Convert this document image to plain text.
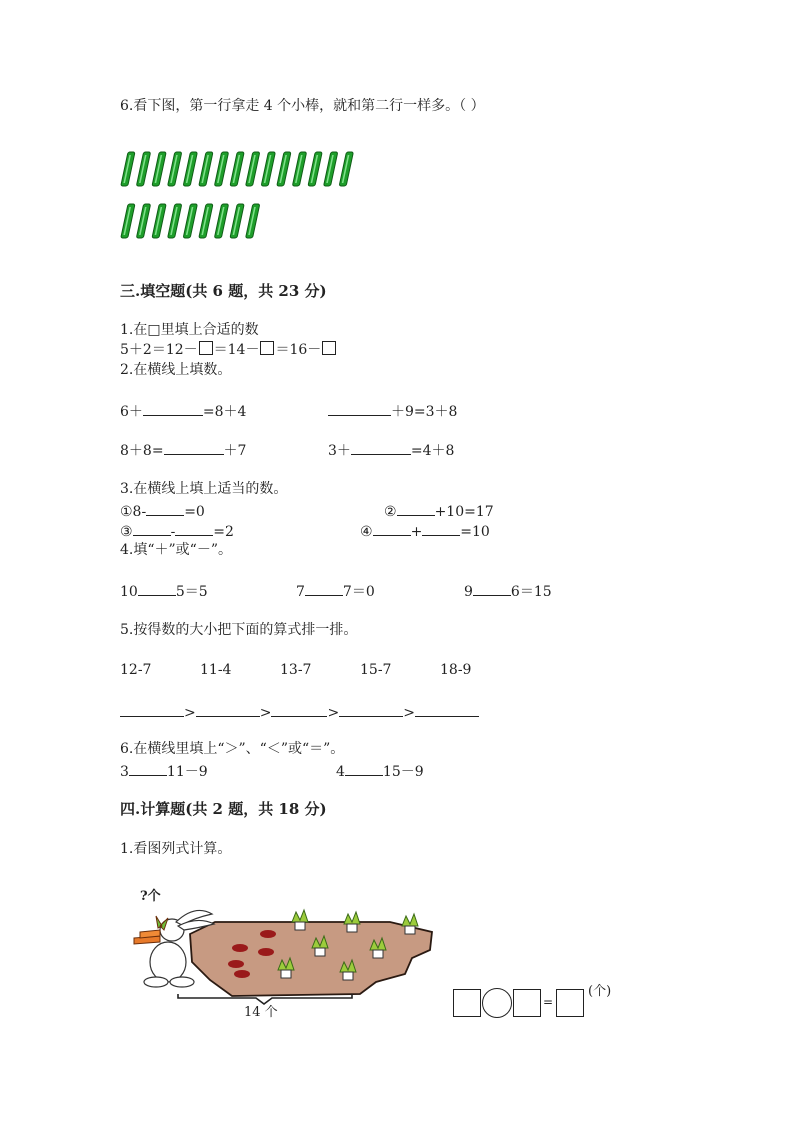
6.看下图，第一行拿走 4 个小棒，就和第二行一样多。（ ）
三.填空题(共 6 题，共 23 分)
1.在□里填上合适的数
5＋2＝12－ ＝14－ ＝16－
2.在横线上填数。
6＋	=8＋4	＋9=3＋8
8＋8=	＋7	3＋	=4＋8
3.在横线上填上适当的数。
①8-	=0	②	+10=17
③	-	=2	④	+	=10
4.填“＋”或“－”。
10	5＝5	7	7＝0	9	6＝15
5.按得数的大小把下面的算式排一排。
12-7	11-4	13-7	15-7	18-9
>	>	>	>
6.在横线里填上“＞”、“＜”或“＝”。
3	11－9	4	15－9
四.计算题(共 2 题，共 18 分)
1.看图列式计算。
?个
14 个
=
(个)
